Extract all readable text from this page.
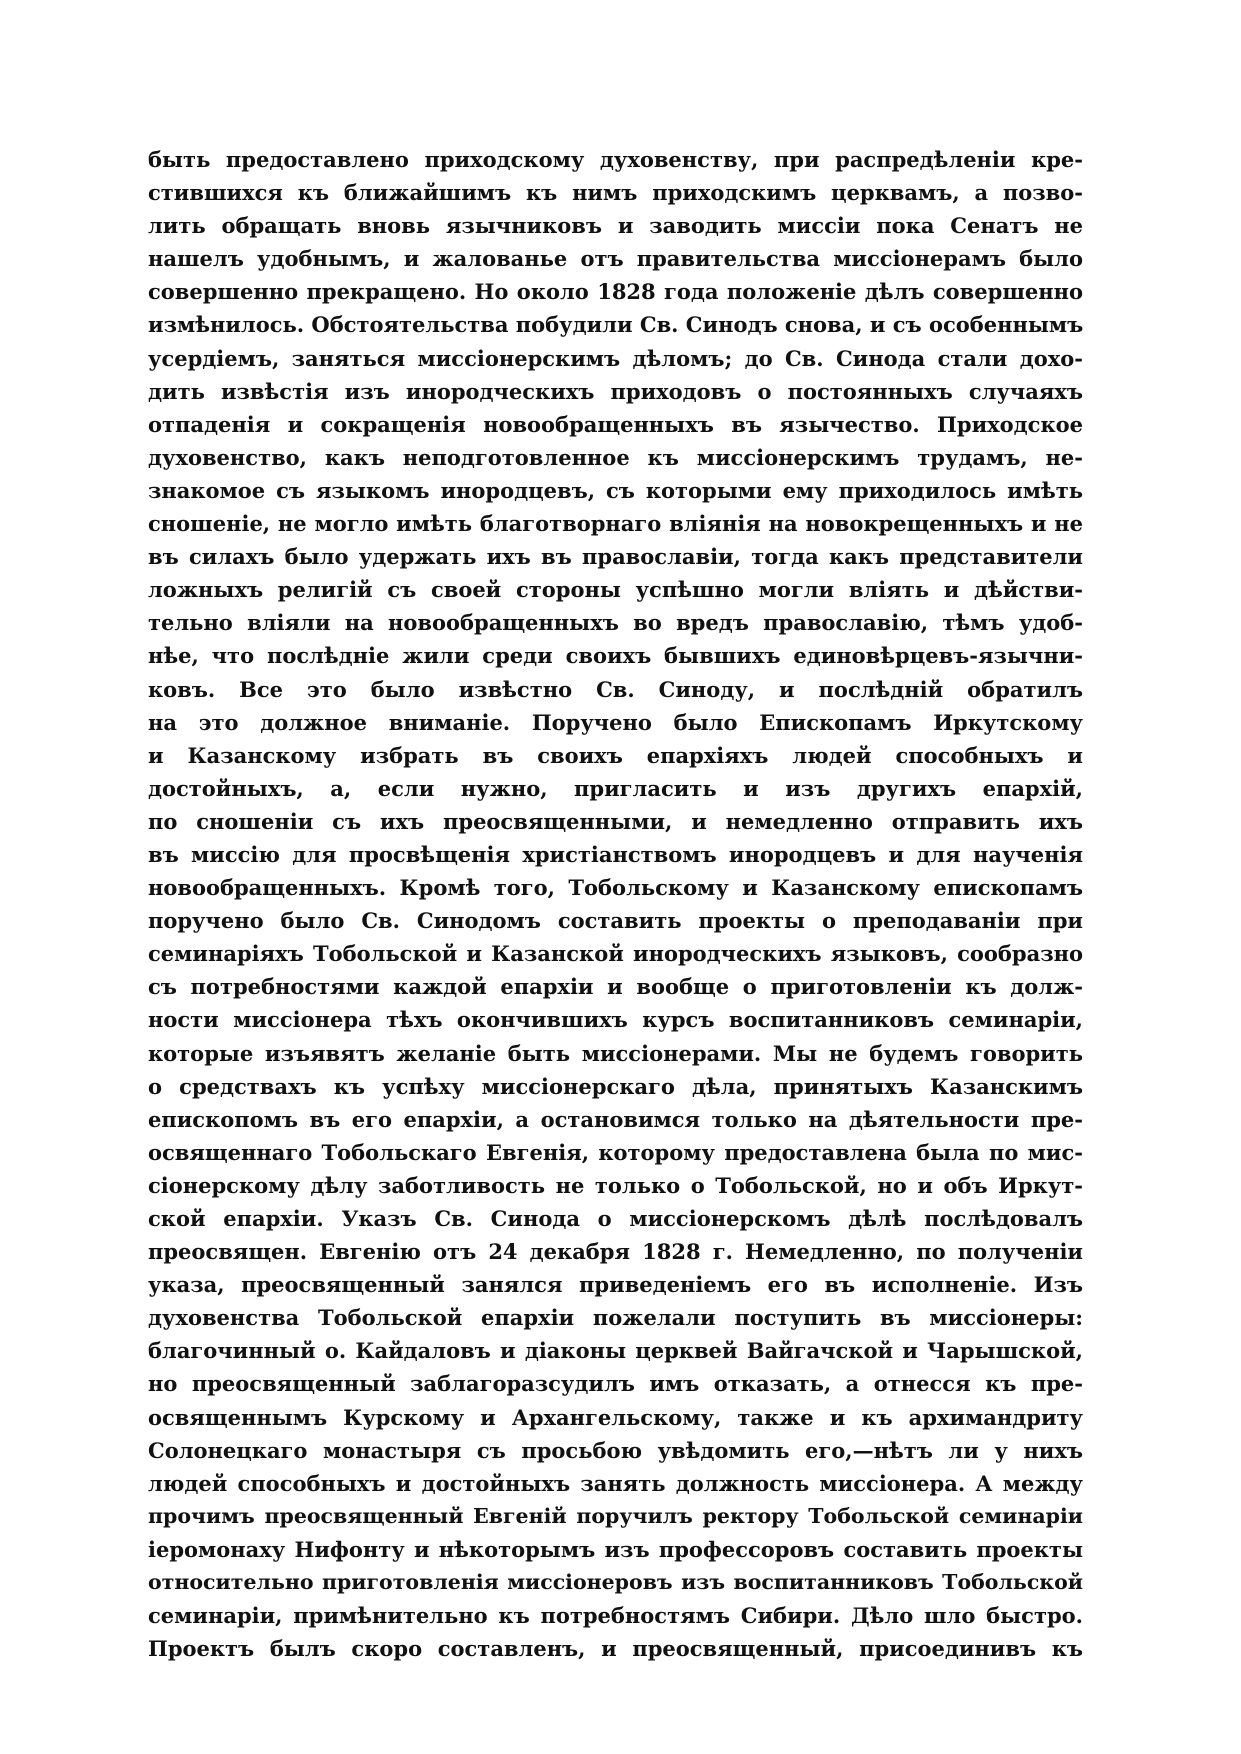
быть предоставлено приходскому духовенству, при распредѣленіи кре-
стившихся къ ближайшимъ къ нимъ приходскимъ церквамъ, а позво-
лить обращать вновь язычниковъ и заводить миссіи пока Сенатъ не
нашелъ удобнымъ, и жалованье отъ правительства миссіонерамъ было
совершенно прекращено. Но около 1828 года положеніе дѣлъ совершенно
измѣнилось. Обстоятельства побудили Св. Синодъ снова, и съ особеннымъ
усердіемъ, заняться миссіонерскимъ дѣломъ; до Св. Синода стали дохо-
дить извѣстія изъ инородческихъ приходовъ о постоянныхъ случаяхъ
отпаденія и сокращенія новообращенныхъ въ язычество. Приходское
духовенство, какъ неподготовленное къ миссіонерскимъ трудамъ, не-
знакомое съ языкомъ инородцевъ, съ которыми ему приходилось имѣть
сношеніе, не могло имѣть благотворнаго вліянія на новокрещенныхъ и не
въ силахъ было удержать ихъ въ православіи, тогда какъ представители
ложныхъ религій съ своей стороны успѣшно могли вліять и дѣйстви-
тельно вліяли на новообращенныхъ во вредъ православію, тѣмъ удоб-
нѣе, что послѣдніе жили среди своихъ бывшихъ единовѣрцевъ-язычни-
ковъ. Все это было извѣстно Св. Синоду, и послѣдній обратилъ
на это должное вниманіе. Поручено было Епископамъ Иркутскому
и Казанскому избрать въ своихъ епархіяхъ людей способныхъ и
достойныхъ, а, если нужно, пригласить и изъ другихъ епархій,
по сношеніи съ ихъ преосвященными, и немедленно отправить ихъ
въ миссію для просвѣщенія христіанствомъ инородцевъ и для наученія
новообращенныхъ. Кромѣ того, Тобольскому и Казанскому епископамъ
поручено было Св. Синодомъ составить проекты о преподаваніи при
семинаріяхъ Тобольской и Казанской инородческихъ языковъ, сообразно
съ потребностями каждой епархіи и вообще о приготовленіи къ долж-
ности миссіонера тѣхъ окончившихъ курсъ воспитанниковъ семинаріи,
которые изъявятъ желаніе быть миссіонерами. Мы не будемъ говорить
о средствахъ къ успѣху миссіонерскаго дѣла, принятыхъ Казанскимъ
епископомъ въ его епархіи, а остановимся только на дѣятельности пре-
освященнаго Тобольскаго Евгенія, которому предоставлена была по мис-
сіонерскому дѣлу заботливость не только о Тобольской, но и объ Иркут-
ской епархіи. Указъ Св. Синода о миссіонерскомъ дѣлѣ послѣдовалъ
преосвящен. Евгенію отъ 24 декабря 1828 г. Немедленно, по полученіи
указа, преосвященный занялся приведеніемъ его въ исполненіе. Изъ
духовенства Тобольской епархіи пожелали поступить въ миссіонеры:
благочинный о. Кайдаловъ и діаконы церквей Вайгачской и Чарышской,
но преосвященный заблагоразсудилъ имъ отказать, а отнесся къ пре-
освященнымъ Курскому и Архангельскому, также и къ архимандриту
Солонецкаго монастыря съ просьбою увѣдомить его,—нѣтъ ли у нихъ
людей способныхъ и достойныхъ занять должность миссіонера. А между
прочимъ преосвященный Евгеній поручилъ ректору Тобольской семинаріи
іеромонаху Нифонту и нѣкоторымъ изъ профессоровъ составить проекты
относительно приготовленія миссіонеровъ изъ воспитанниковъ Тобольской
семинаріи, примѣнительно къ потребностямъ Сибири. Дѣло шло быстро.
Проектъ былъ скоро составленъ, и преосвященный, присоединивъ къ
